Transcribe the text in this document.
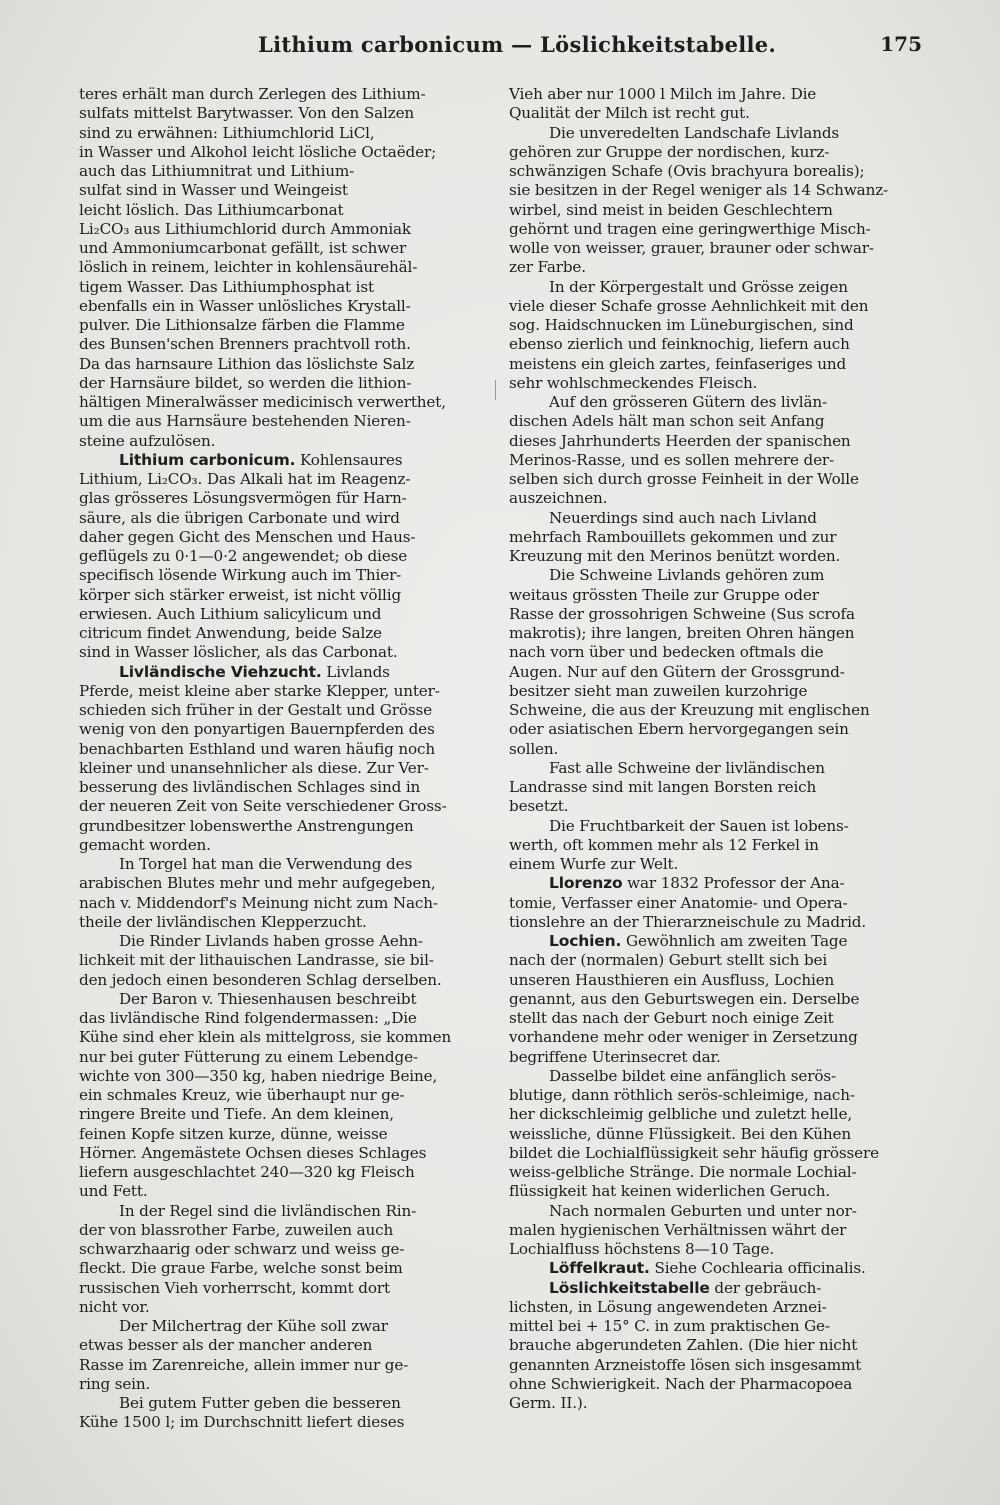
Lithium carbonicum — Löslichkeitstabelle.	175

teres erhält man durch Zerlegen des Lithium-
sulfats mittelst Barytwasser. Von den Salzen
sind zu erwähnen: Lithiumchlorid LiCl,
in Wasser und Alkohol leicht lösliche Octaëder;
auch das Lithiumnitrat und Lithium-
sulfat sind in Wasser und Weingeist
leicht löslich. Das Lithiumcarbonat
Li₂CO₃ aus Lithiumchlorid durch Ammoniak
und Ammoniumcarbonat gefällt, ist schwer
löslich in reinem, leichter in kohlensäurehäl-
tigem Wasser. Das Lithiumphosphat ist
ebenfalls ein in Wasser unlösliches Krystall-
pulver. Die Lithionsalze färben die Flamme
des Bunsen'schen Brenners prachtvoll roth.
Da das harnsaure Lithion das löslichste Salz
der Harnsäure bildet, so werden die lithion-
hältigen Mineralwässer medicinisch verwerthet,
um die aus Harnsäure bestehenden Nieren-
steine aufzulösen.

Lithium carbonicum. Kohlensaures
Lithium, Li₂CO₃. Das Alkali hat im Reagenz-
glas grösseres Lösungsvermögen für Harn-
säure, als die übrigen Carbonate und wird
daher gegen Gicht des Menschen und Haus-
geflügels zu 0·1—0·2 angewendet; ob diese
specifisch lösende Wirkung auch im Thier-
körper sich stärker erweist, ist nicht völlig
erwiesen. Auch Lithium salicylicum und
citricum findet Anwendung, beide Salze
sind in Wasser löslicher, als das Carbonat.

Livländische Viehzucht. Livlands
Pferde, meist kleine aber starke Klepper, unter-
schieden sich früher in der Gestalt und Grösse
wenig von den ponyartigen Bauernpferden des
benachbarten Esthland und waren häufig noch
kleiner und unansehnlicher als diese. Zur Ver-
besserung des livländischen Schlages sind in
der neueren Zeit von Seite verschiedener Gross-
grundbesitzer lobenswerthe Anstrengungen
gemacht worden.

In Torgel hat man die Verwendung des
arabischen Blutes mehr und mehr aufgegeben,
nach v. Middendorf's Meinung nicht zum Nach-
theile der livländischen Klepperzucht.

Die Rinder Livlands haben grosse Aehn-
lichkeit mit der lithauischen Landrasse, sie bil-
den jedoch einen besonderen Schlag derselben.

Der Baron v. Thiesenhausen beschreibt
das livländische Rind folgendermassen: „Die
Kühe sind eher klein als mittelgross, sie kommen
nur bei guter Fütterung zu einem Lebendge-
wichte von 300—350 kg, haben niedrige Beine,
ein schmales Kreuz, wie überhaupt nur ge-
ringere Breite und Tiefe. An dem kleinen,
feinen Kopfe sitzen kurze, dünne, weisse
Hörner. Angemästete Ochsen dieses Schlages
liefern ausgeschlachtet 240—320 kg Fleisch
und Fett.

In der Regel sind die livländischen Rin-
der von blassrother Farbe, zuweilen auch
schwarzhaarig oder schwarz und weiss ge-
fleckt. Die graue Farbe, welche sonst beim
russischen Vieh vorherrscht, kommt dort
nicht vor.

Der Milchertrag der Kühe soll zwar
etwas besser als der mancher anderen
Rasse im Zarenreiche, allein immer nur ge-
ring sein.

Bei gutem Futter geben die besseren
Kühe 1500 l; im Durchschnitt liefert dieses

Vieh aber nur 1000 l Milch im Jahre. Die
Qualität der Milch ist recht gut.

Die unveredelten Landschafe Livlands
gehören zur Gruppe der nordischen, kurz-
schwänzigen Schafe (Ovis brachyura borealis);
sie besitzen in der Regel weniger als 14 Schwanz-
wirbel, sind meist in beiden Geschlechtern
gehörnt und tragen eine geringwerthige Misch-
wolle von weisser, grauer, brauner oder schwar-
zer Farbe.

In der Körpergestalt und Grösse zeigen
viele dieser Schafe grosse Aehnlichkeit mit den
sog. Haidschnucken im Lüneburgischen, sind
ebenso zierlich und feinknochig, liefern auch
meistens ein gleich zartes, feinfaseriges und
sehr wohlschmeckendes Fleisch.

Auf den grösseren Gütern des livlän-
dischen Adels hält man schon seit Anfang
dieses Jahrhunderts Heerden der spanischen
Merinos-Rasse, und es sollen mehrere der-
selben sich durch grosse Feinheit in der Wolle
auszeichnen.

Neuerdings sind auch nach Livland
mehrfach Rambouillets gekommen und zur
Kreuzung mit den Merinos benützt worden.

Die Schweine Livlands gehören zum
weitaus grössten Theile zur Gruppe oder
Rasse der grossohrigen Schweine (Sus scrofa
makrotis); ihre langen, breiten Ohren hängen
nach vorn über und bedecken oftmals die
Augen. Nur auf den Gütern der Grossgrund-
besitzer sieht man zuweilen kurzohrige
Schweine, die aus der Kreuzung mit englischen
oder asiatischen Ebern hervorgegangen sein
sollen.

Fast alle Schweine der livländischen
Landrasse sind mit langen Borsten reich
besetzt.

Die Fruchtbarkeit der Sauen ist lobens-
werth, oft kommen mehr als 12 Ferkel in
einem Wurfe zur Welt.

Llorenzo war 1832 Professor der Ana-
tomie, Verfasser einer Anatomie- und Opera-
tionslehre an der Thierarzneischule zu Madrid.

Lochien. Gewöhnlich am zweiten Tage
nach der (normalen) Geburt stellt sich bei
unseren Hausthieren ein Ausfluss, Lochien
genannt, aus den Geburtswegen ein. Derselbe
stellt das nach der Geburt noch einige Zeit
vorhandene mehr oder weniger in Zersetzung
begriffene Uterinsecret dar.

Dasselbe bildet eine anfänglich serös-
blutige, dann röthlich serös-schleimige, nach-
her dickschleimig gelbliche und zuletzt helle,
weissliche, dünne Flüssigkeit. Bei den Kühen
bildet die Lochialflüssigkeit sehr häufig grössere
weiss-gelbliche Stränge. Die normale Lochial-
flüssigkeit hat keinen widerlichen Geruch.

Nach normalen Geburten und unter nor-
malen hygienischen Verhältnissen währt der
Lochialfluss höchstens 8—10 Tage.

Löffelkraut. Siehe Cochlearia officinalis.

Löslichkeitstabelle der gebräuch-
lichsten, in Lösung angewendeten Arznei-
mittel bei + 15° C. in zum praktischen Ge-
brauche abgerundeten Zahlen. (Die hier nicht
genannten Arzneistoffe lösen sich insgesammt
ohne Schwierigkeit. Nach der Pharmacopoea
Germ. II.).
